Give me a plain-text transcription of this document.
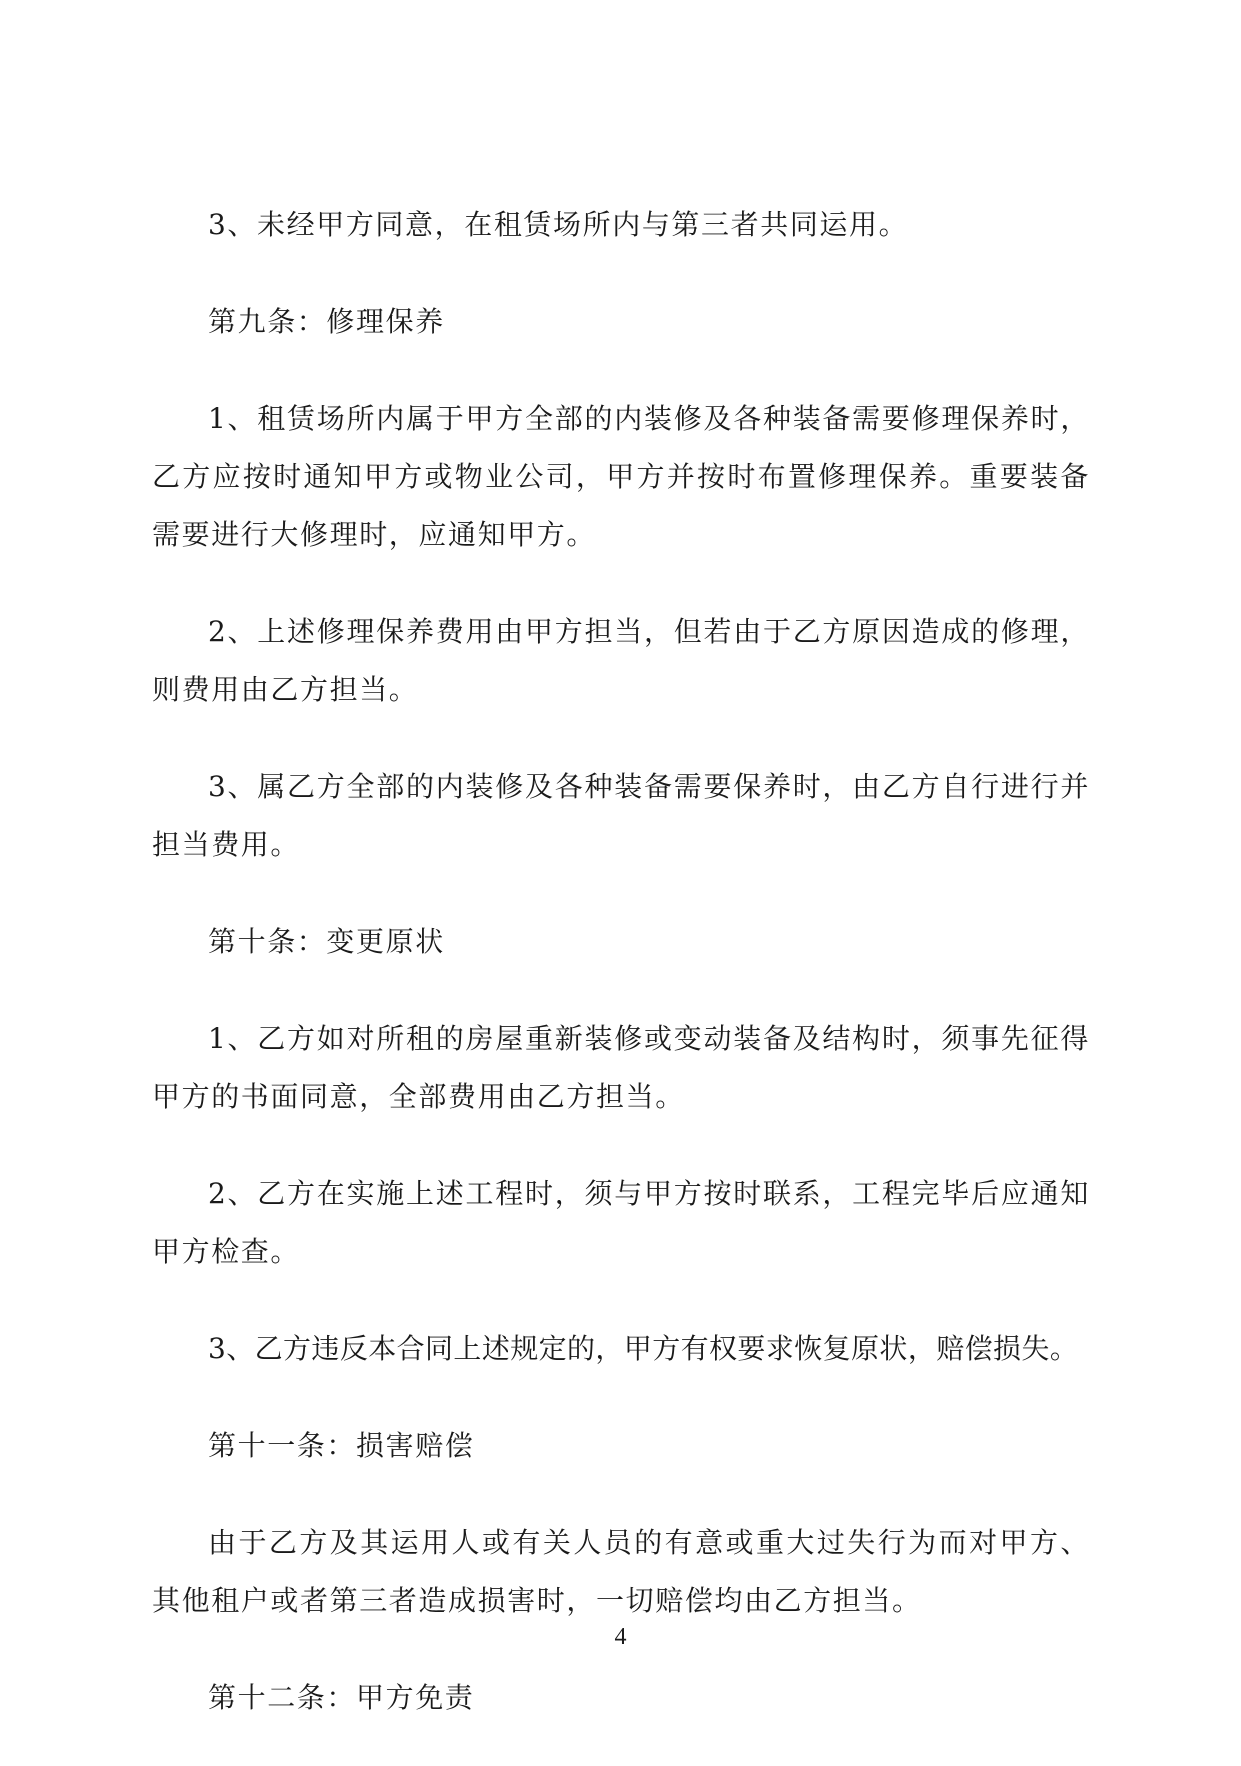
3、未经甲方同意，在租赁场所内与第三者共同运用。

第九条：修理保养

1、租赁场所内属于甲方全部的内装修及各种装备需要修理保养时，乙方应按时通知甲方或物业公司，甲方并按时布置修理保养。重要装备需要进行大修理时，应通知甲方。

2、上述修理保养费用由甲方担当，但若由于乙方原因造成的修理，则费用由乙方担当。

3、属乙方全部的内装修及各种装备需要保养时，由乙方自行进行并担当费用。

第十条：变更原状

1、乙方如对所租的房屋重新装修或变动装备及结构时，须事先征得甲方的书面同意，全部费用由乙方担当。

2、乙方在实施上述工程时，须与甲方按时联系，工程完毕后应通知甲方检查。

3、乙方违反本合同上述规定的，甲方有权要求恢复原状，赔偿损失。

第十一条：损害赔偿

由于乙方及其运用人或有关人员的有意或重大过失行为而对甲方、其他租户或者第三者造成损害时，一切赔偿均由乙方担当。

第十二条：甲方免责

4
